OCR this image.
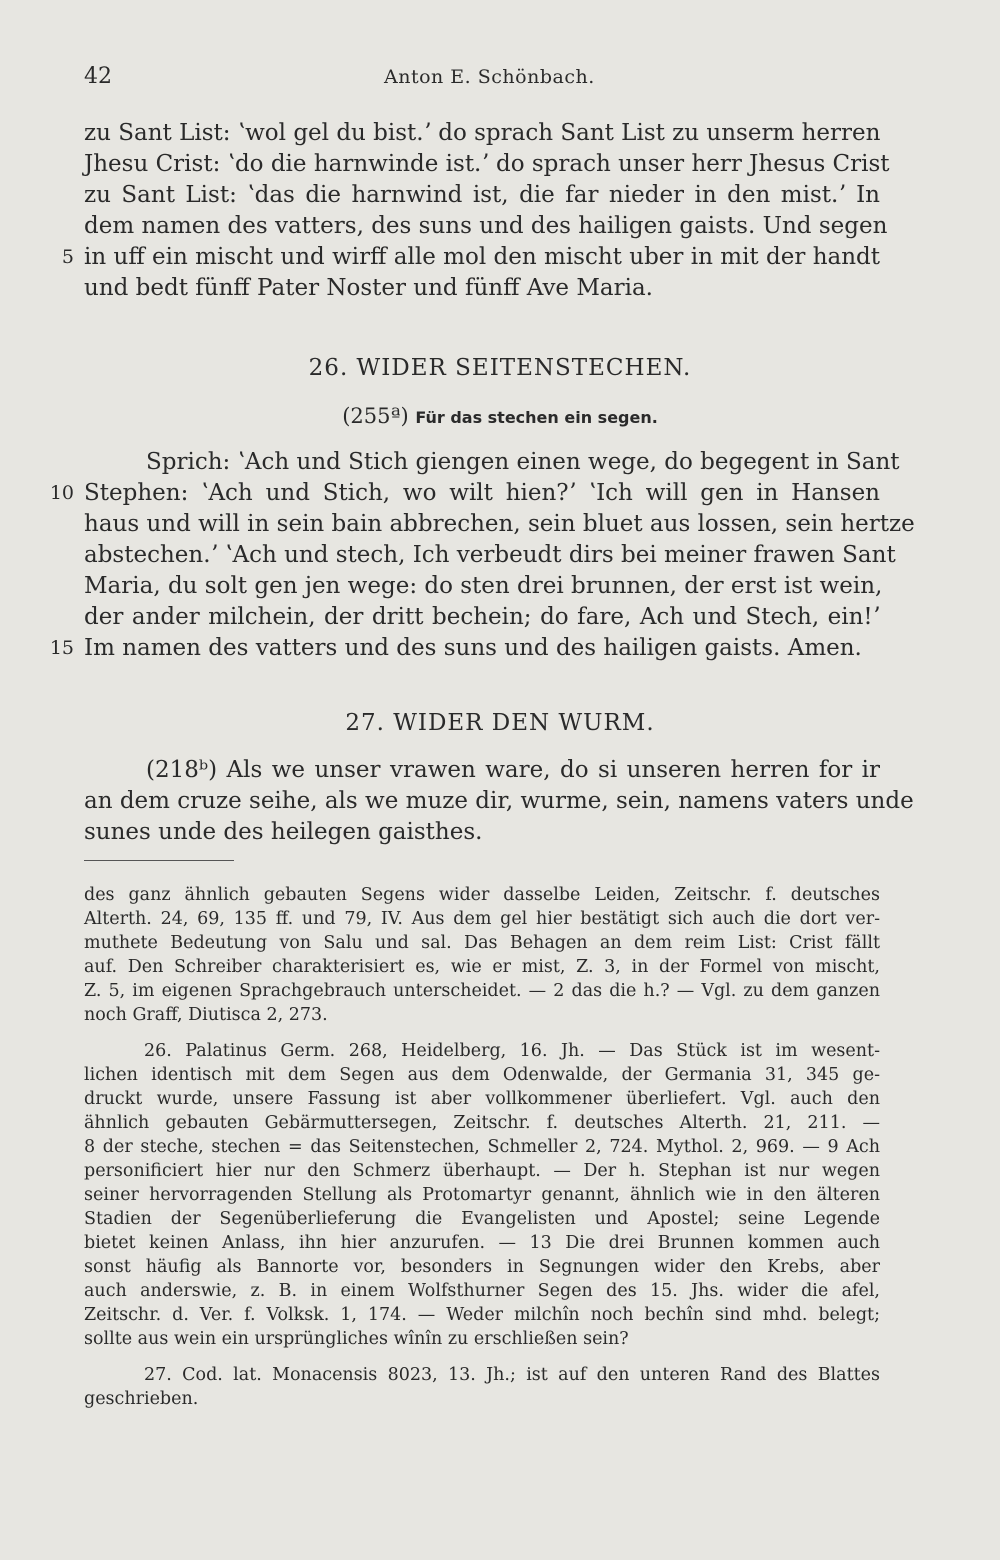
42	Anton E. Schönbach.
zu Sant List: ʽwol gel du bist.ʼ do sprach Sant List zu unserm herren
Jhesu Crist: ʽdo die harnwinde ist.ʼ do sprach unser herr Jhesus Crist
zu Sant List: ʽdas die harnwind ist, die far nieder in den mist.ʼ In
dem namen des vatters, des suns und des hailigen gaists. Und segen
5 in uff ein mischt und wirff alle mol den mischt uber in mit der handt
und bedt fünff Pater Noster und fünff Ave Maria.
26. WIDER SEITENSTECHEN.
(255ª) Für das stechen ein segen.
Sprich: ʽAch und Stich giengen einen wege, do begegent in Sant
10 Stephen: ʽAch und Stich, wo wilt hien?ʼ ʽIch will gen in Hansen
haus und will in sein bain abbrechen, sein bluet aus lossen, sein hertze
abstechen.ʼ ʽAch und stech, Ich verbeudt dirs bei meiner frawen Sant
Maria, du solt gen jen wege: do sten drei brunnen, der erst ist wein,
der ander milchein, der dritt bechein; do fare, Ach und Stech, ein!ʼ
15 Im namen des vatters und des suns und des hailigen gaists. Amen.
27. WIDER DEN WURM.
(218ᵇ) Als we unser vrawen ware, do si unseren herren for ir
an dem cruze seihe, als we muze dir, wurme, sein, namens vaters unde
sunes unde des heilegen gaisthes.
des ganz ähnlich gebauten Segens wider dasselbe Leiden, Zeitschr. f. deutsches
Alterth. 24, 69, 135 ff. und 79, IV. Aus dem gel hier bestätigt sich auch die dort ver-
muthete Bedeutung von Salu und sal. Das Behagen an dem reim List: Crist fällt
auf. Den Schreiber charakterisiert es, wie er mist, Z. 3, in der Formel von mischt,
Z. 5, im eigenen Sprachgebrauch unterscheidet. — 2 das die h.? — Vgl. zu dem ganzen
noch Graff, Diutisca 2, 273.
26. Palatinus Germ. 268, Heidelberg, 16. Jh. — Das Stück ist im wesent-
lichen identisch mit dem Segen aus dem Odenwalde, der Germania 31, 345 ge-
druckt wurde, unsere Fassung ist aber vollkommener überliefert. Vgl. auch den
ähnlich gebauten Gebärmuttersegen, Zeitschr. f. deutsches Alterth. 21, 211. —
8 der steche, stechen = das Seitenstechen, Schmeller 2, 724. Mythol. 2, 969. — 9 Ach
personificiert hier nur den Schmerz überhaupt. — Der h. Stephan ist nur wegen
seiner hervorragenden Stellung als Protomartyr genannt, ähnlich wie in den älteren
Stadien der Segenüberlieferung die Evangelisten und Apostel; seine Legende
bietet keinen Anlass, ihn hier anzurufen. — 13 Die drei Brunnen kommen auch
sonst häufig als Bannorte vor, besonders in Segnungen wider den Krebs, aber
auch anderswie, z. B. in einem Wolfsthurner Segen des 15. Jhs. wider die afel,
Zeitschr. d. Ver. f. Volksk. 1, 174. — Weder milchîn noch bechîn sind mhd. belegt;
sollte aus wein ein ursprüngliches wînîn zu erschließen sein?
27. Cod. lat. Monacensis 8023, 13. Jh.; ist auf den unteren Rand des Blattes
geschrieben.
